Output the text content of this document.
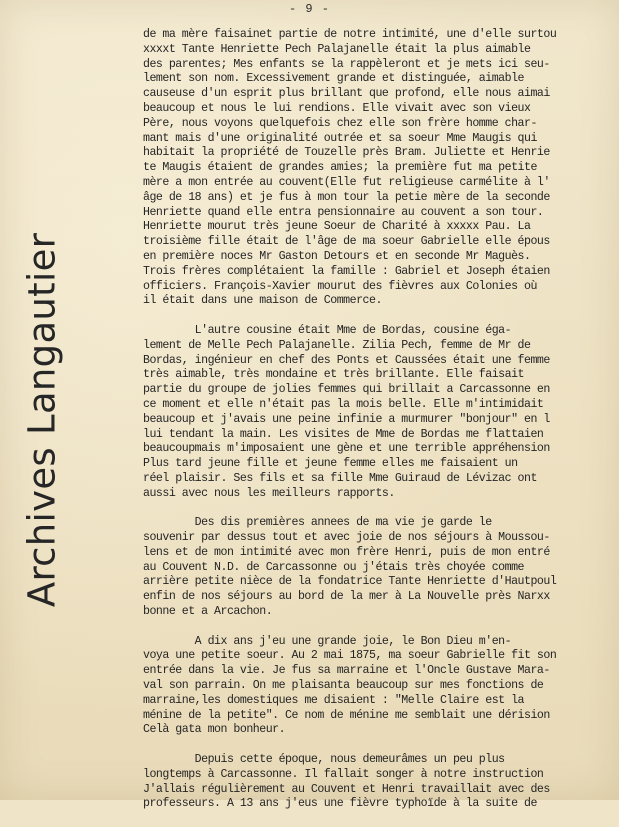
- 9 -
Archives Langautier
de ma mère faisainet partie de notre intimité, une d'elle surtou
xxxxt Tante Henriette Pech Palajanelle était la plus aimable
des parentes; Mes enfants se la rappèleront et je mets ici seu-
lement son nom. Excessivement grande et distinguée, aimable
causeuse d'un esprit plus brillant que profond, elle nous aimai
beaucoup et nous le lui rendions. Elle vivait avec son vieux
Père, nous voyons quelquefois chez elle son frère homme char-
mant mais d'une originalité outrée et sa soeur Mme Maugis qui
habitait la propriété de Touzelle près Bram. Juliette et Henrie
te Maugis étaient de grandes amies; la première fut ma petite
mère a mon entrée au couvent(Elle fut religieuse carmélite à l'
âge de 18 ans) et je fus à mon tour la petie mère de la seconde
Henriette quand elle entra pensionnaire au couvent a son tour.
Henriette mourut très jeune Soeur de Charité à xxxxx Pau. La
troisième fille était de l'âge de ma soeur Gabrielle elle épous
en première noces Mr Gaston Detours et en seconde Mr Maguès.
Trois frères complétaient la famille : Gabriel et Joseph étaien
officiers. François-Xavier mourut des fièvres aux Colonies où
il était dans une maison de Commerce.
L'autre cousine était Mme de Bordas, cousine éga-
lement de Melle Pech Palajanelle. Zilia Pech, femme de Mr de
Bordas, ingénieur en chef des Ponts et Caussées était une femme
très aimable, très mondaine et très brillante. Elle faisait
partie du groupe de jolies femmes qui brillait a Carcassonne en
ce moment et elle n'était pas la mois belle. Elle m'intimidait
beaucoup et j'avais une peine infinie a murmurer "bonjour" en l
lui tendant la main. Les visites de Mme de Bordas me flattaien
beaucoupmais m'imposaient une gène et une terrible appréhension
Plus tard jeune fille et jeune femme elles me faisaient un
réel plaisir. Ses fils et sa fille Mme Guiraud de Lévizac ont
aussi avec nous les meilleurs rapports.
Des dis premières annees de ma vie je garde le
souvenir par dessus tout et avec joie de nos séjours à Moussou-
lens et de mon intimité avec mon frère Henri, puis de mon entré
au Couvent N.D. de Carcassonne ou j'étais très choyée comme
arrière petite nièce de la fondatrice Tante Henriette d'Hautpoul
enfin de nos séjours au bord de la mer à La Nouvelle près Narxx
bonne et a Arcachon.
A dix ans j'eu une grande joie, le Bon Dieu m'en-
voya une petite soeur. Au 2 mai 1875, ma soeur Gabrielle fit son
entrée dans la vie. Je fus sa marraine et l'Oncle Gustave Mara-
val son parrain. On me plaisanta beaucoup sur mes fonctions de
marraine,les domestiques me disaient : "Melle Claire est la
ménine de la petite". Ce nom de ménine me semblait une dérision
Celà gata mon bonheur.
Depuis cette époque, nous demeurâmes un peu plus
longtemps à Carcassonne. Il fallait songer à notre instruction
J'allais régulièrement au Couvent et Henri travaillait avec des
professeurs. A 13 ans j'eus une fièvre typhoïde à la suite de
